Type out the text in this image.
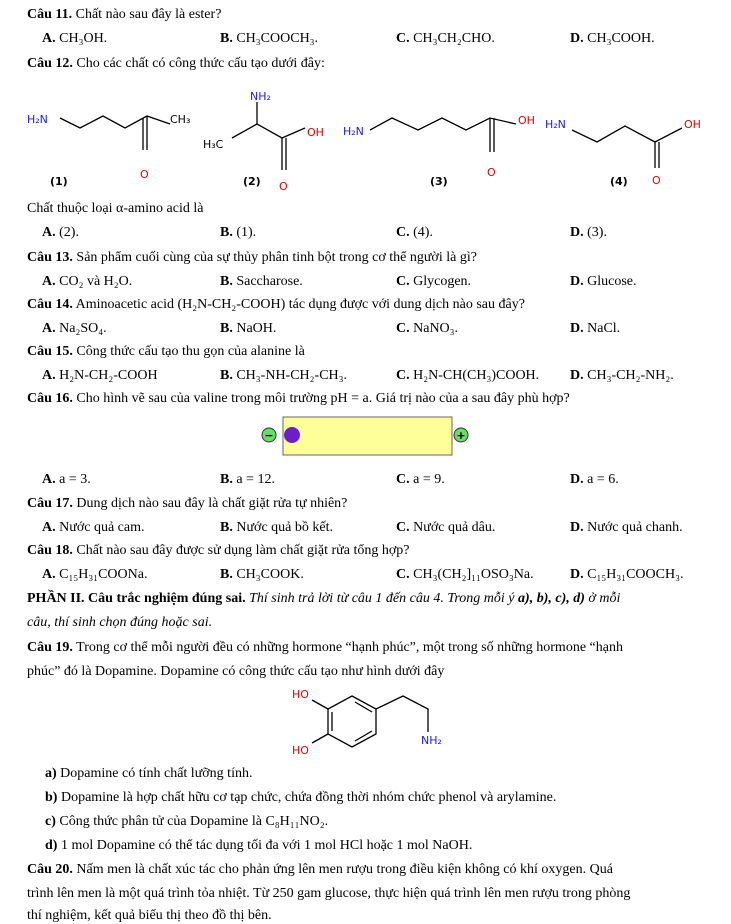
Câu 11. Chất nào sau đây là ester?
A. CH₃OH.	B. CH₃COOCH₃.	C. CH₃CH₂CHO.	D. CH₃COOH.
Câu 12. Cho các chất có công thức cấu tạo dưới đây:
H₂N	CH₃
O
(1)
NH₂
H₃C
OH
O
(2)
H₂N
OH
O
(3)
H₂N	OH
O
(4)
Chất thuộc loại α-amino acid là
A. (2).	B. (1).	C. (4).	D. (3).
Câu 13. Sản phẩm cuối cùng của sự thủy phân tinh bột trong cơ thể người là gì?
A. CO₂ và H₂O.	B. Saccharose.	C. Glycogen.	D. Glucose.
Câu 14. Aminoacetic acid (H₂N-CH₂-COOH) tác dụng được với dung dịch nào sau đây?
A. Na₂SO₄.	B. NaOH.	C. NaNO₃.	D. NaCl.
Câu 15. Công thức cấu tạo thu gọn của alanine là
A. H₂N-CH₂-COOH	B. CH₃-NH-CH₂-CH₃.	C. H₂N-CH(CH₃)COOH. D. CH₃-CH₂-NH₂.
Câu 16. Cho hình vẽ sau của valine trong môi trường pH = a. Giá trị nào của a sau đây phù hợp?
−	+
A. a = 3.	B. a = 12.	C. a = 9.	D. a = 6.
Câu 17. Dung dịch nào sau đây là chất giặt rửa tự nhiên?
A. Nước quả cam.	B. Nước quả bồ kết.	C. Nước quả dâu.	D. Nước quả chanh.
Câu 18. Chất nào sau đây được sử dụng làm chất giặt rửa tổng hợp?
A. C₁₅H₃₁COONa.	B. CH₃COOK.	C. CH₃(CH₂]₁₁OSO₃Na.	D. C₁₅H₃₁COOCH₃.
PHẦN II. Câu trắc nghiệm đúng sai. Thí sinh trả lời từ câu 1 đến câu 4. Trong mỗi ý a), b), c), d) ở mỗi
câu, thí sinh chọn đúng hoặc sai.
Câu 19. Trong cơ thể mỗi người đều có những hormone “hạnh phúc”, một trong số những hormone “hạnh
phúc” đó là Dopamine. Dopamine có công thức cấu tạo như hình dưới đây
HO
HO
NH₂
a) Dopamine có tính chất lưỡng tính.
b) Dopamine là hợp chất hữu cơ tạp chức, chứa đồng thời nhóm chức phenol và arylamine.
c) Công thức phân tử của Dopamine là C₈H₁₁NO₂.
d) 1 mol Dopamine có thể tác dụng tối đa với 1 mol HCl hoặc 1 mol NaOH.
Câu 20. Nấm men là chất xúc tác cho phản ứng lên men rượu trong điều kiện không có khí oxygen. Quá
trình lên men là một quá trình tỏa nhiệt. Từ 250 gam glucose, thực hiện quá trình lên men rượu trong phòng
thí nghiệm, kết quả biểu thị theo đồ thị bên.
